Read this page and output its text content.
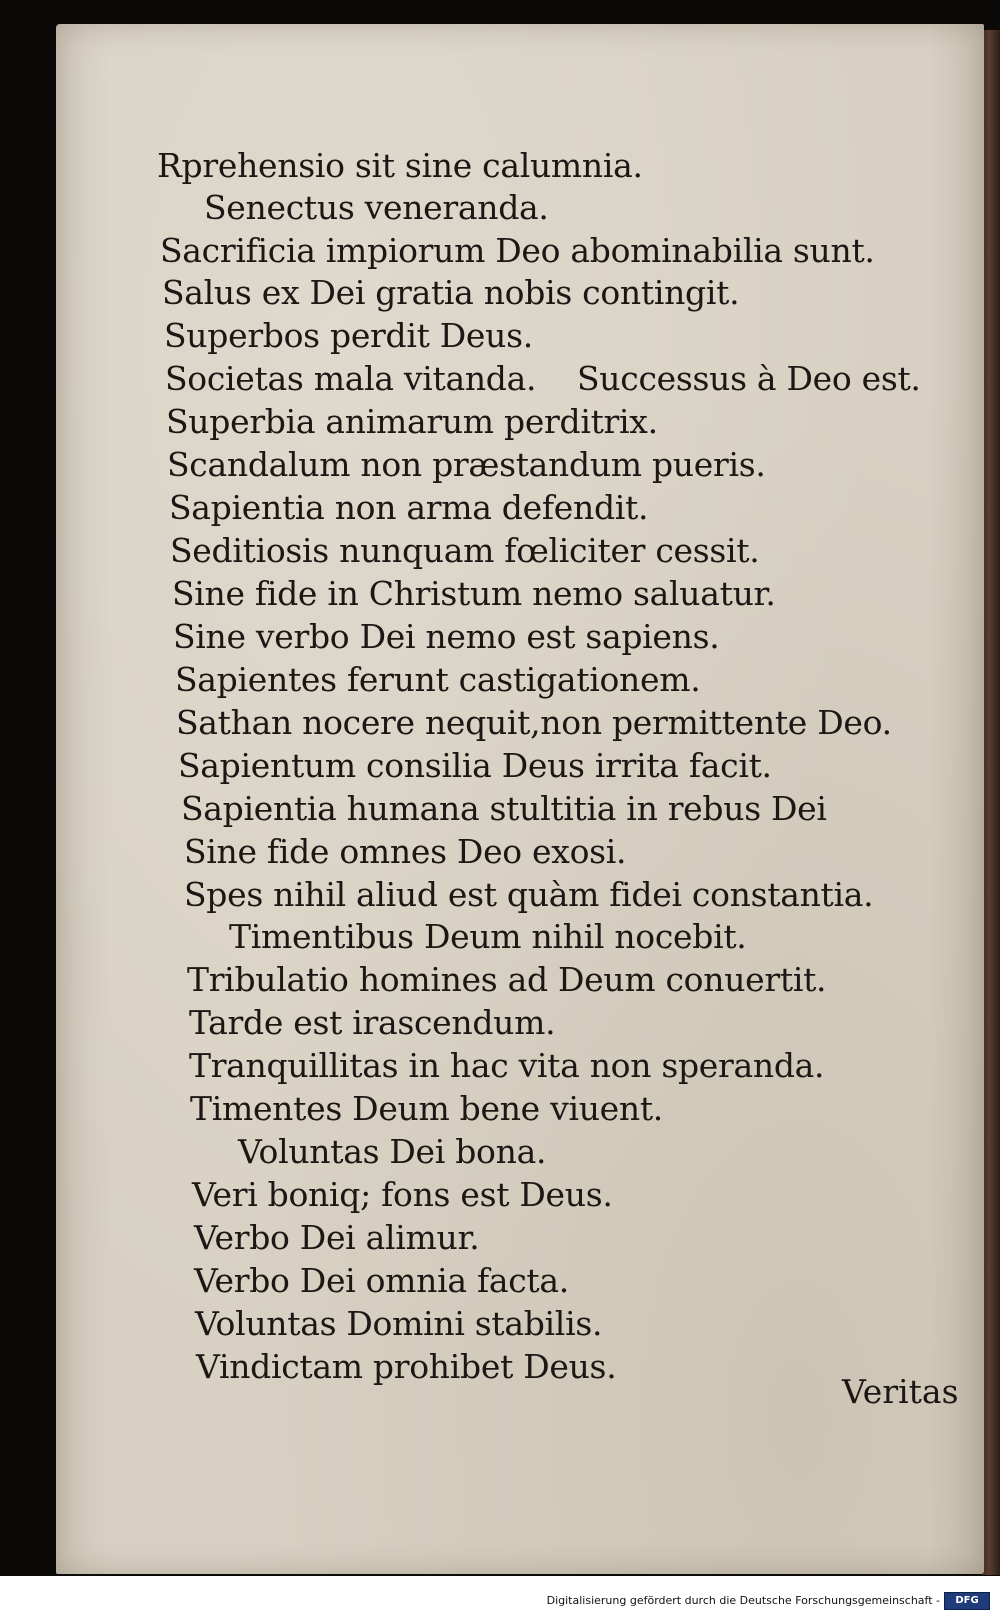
Rprehensio sit sine calumnia.

Senectus veneranda.

Sacrificia impiorum Deo abominabilia sunt.

Salus ex Dei gratia nobis contingit.

Superbos perdit Deus.

Societas mala vitanda. Successus à Deo est.

Superbia animarum perditrix.

Scandalum non præstandum pueris.

Sapientia non arma defendit.

Seditiosis nunquam fœliciter cessit.

Sine fide in Christum nemo saluatur.

Sine verbo Dei nemo est sapiens.

Sapientes ferunt castigationem.

Sathan nocere nequit,non permittente Deo.

Sapientum consilia Deus irrita facit.

Sapientia humana stultitia in rebus Dei

Sine fide omnes Deo exosi.

Spes nihil aliud est quàm fidei constantia.

Timentibus Deum nihil nocebit.

Tribulatio homines ad Deum conuertit.

Tarde est irascendum.

Tranquillitas in hac vita non speranda.

Timentes Deum bene viuent.

Voluntas Dei bona.

Veri boniq; fons est Deus.

Verbo Dei alimur.

Verbo Dei omnia facta.

Voluntas Domini stabilis.

Vindictam prohibet Deus.

Veritas
Digitalisierung gefördert durch die Deutsche Forschungsgemeinschaft -	DFG
